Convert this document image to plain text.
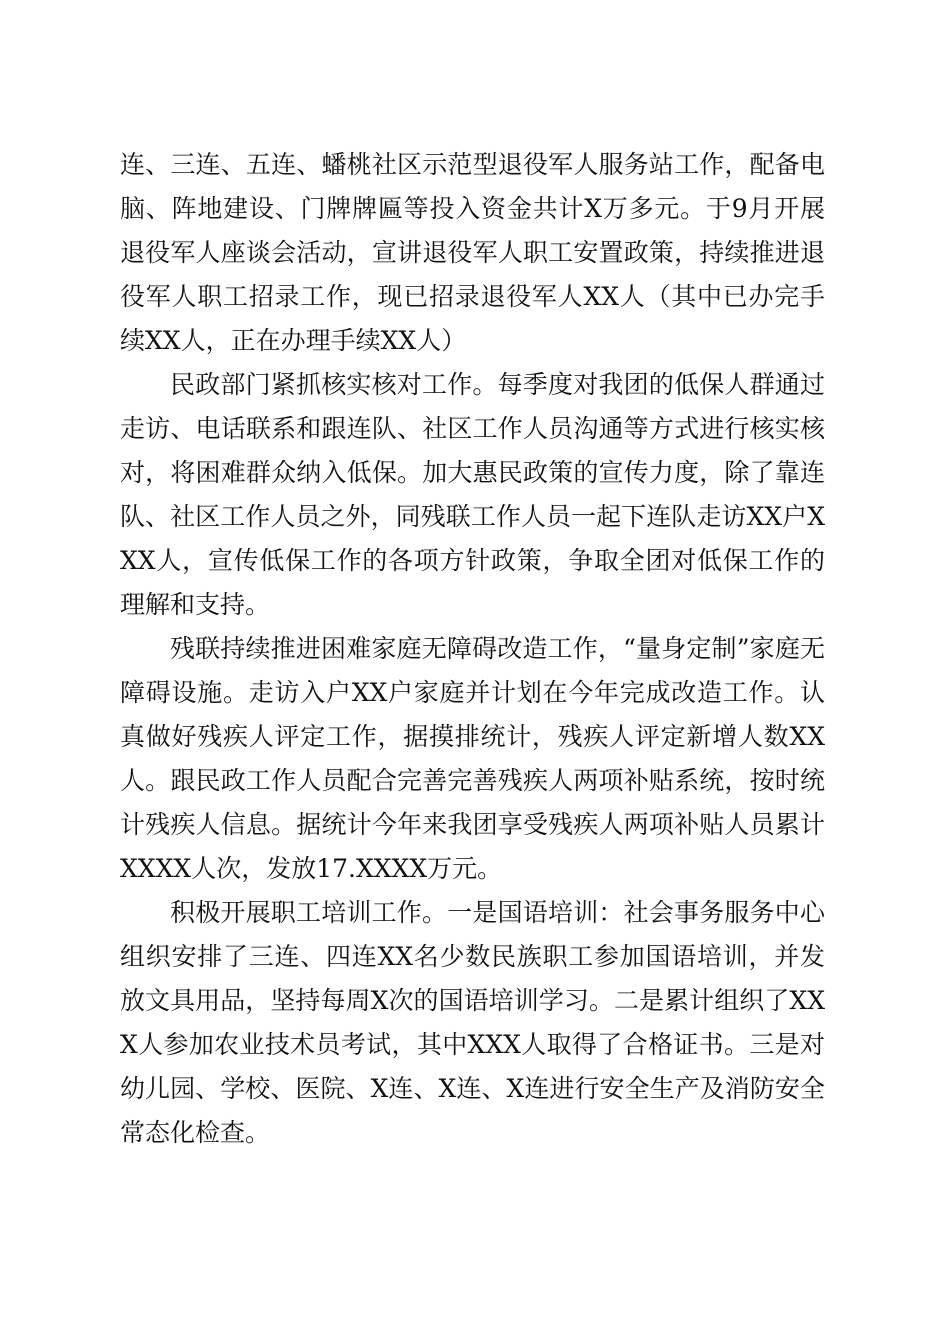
连、三连、五连、蟠桃社区示范型退役军人服务站工作，配备电脑、阵地建设、门牌牌匾等投入资金共计X万多元。于9月开展退役军人座谈会活动，宣讲退役军人职工安置政策，持续推进退役军人职工招录工作，现已招录退役军人XX人（其中已办完手续XX人，正在办理手续XX人）

民政部门紧抓核实核对工作。每季度对我团的低保人群通过走访、电话联系和跟连队、社区工作人员沟通等方式进行核实核对，将困难群众纳入低保。加大惠民政策的宣传力度，除了靠连队、社区工作人员之外，同残联工作人员一起下连队走访XX户XXX人，宣传低保工作的各项方针政策，争取全团对低保工作的理解和支持。

残联持续推进困难家庭无障碍改造工作，“量身定制”家庭无障碍设施。走访入户XX户家庭并计划在今年完成改造工作。认真做好残疾人评定工作，据摸排统计，残疾人评定新增人数XX人。跟民政工作人员配合完善完善残疾人两项补贴系统，按时统计残疾人信息。据统计今年来我团享受残疾人两项补贴人员累计XXXX人次，发放17.XXXX万元。

积极开展职工培训工作。一是国语培训：社会事务服务中心组织安排了三连、四连XX名少数民族职工参加国语培训，并发放文具用品，坚持每周X次的国语培训学习。二是累计组织了XXX人参加农业技术员考试，其中XXX人取得了合格证书。三是对幼儿园、学校、医院、X连、X连、X连进行安全生产及消防安全常态化检查。
